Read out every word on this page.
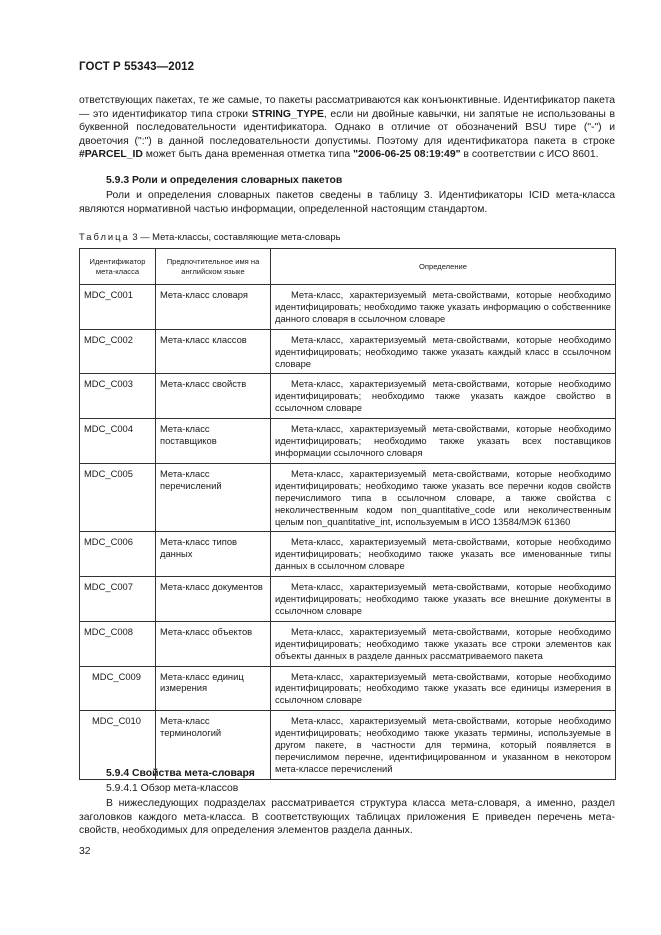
ГОСТ Р 55343—2012
ответствующих пакетах, те же самые, то пакеты рассматриваются как конъюнктивные. Идентификатор пакета — это идентификатор типа строки STRING_TYPE, если ни двойные кавычки, ни запятые не использованы в буквенной последовательности идентификатора. Однако в отличие от обозначений BSU тире ("-") и двоеточия (":") в данной последовательности допустимы. Поэтому для идентификатора пакета в строке #PARCEL_ID может быть дана временная отметка типа "2006-06-25 08:19:49" в соответствии с ИСО 8601.
5.9.3 Роли и определения словарных пакетов
Роли и определения словарных пакетов сведены в таблицу 3. Идентификаторы ICID мета-класса являются нормативной частью информации, определенной настоящим стандартом.
Таблица 3 — Мета-классы, составляющие мета-словарь
Идентификатор мета-класса	Предпочтительное имя на английском языке	Определение
MDC_C001	Мета-класс словаря	Мета-класс, характеризуемый мета-свойствами, которые необходимо идентифицировать; необходимо также указать информацию о собственнике данного словаря в ссылочном словаре

MDC_C002	Мета-класс классов	Мета-класс, характеризуемый мета-свойствами, которые необходимо идентифицировать; необходимо также указать каждый класс в ссылочном словаре

MDC_C003	Мета-класс свойств	Мета-класс, характеризуемый мета-свойствами, которые необходимо идентифицировать; необходимо также указать каждое свойство в ссылочном словаре

MDC_C004	Мета-класс поставщиков	Мета-класс, характеризуемый мета-свойствами, которые необходимо идентифицировать; необходимо также указать всех поставщиков информации ссылочного словаря

MDC_C005	Мета-класс перечислений	Мета-класс, характеризуемый мета-свойствами, которые необходимо идентифицировать; необходимо также указать все перечни кодов свойств перечислимого типа в ссылочном словаре, а также свойства с неколичественным кодом non_quantitative_code или неколичественным целым non_quantitative_int, используемым в ИСО 13584/МЭК 61360

MDC_C006	Мета-класс типов данных	Мета-класс, характеризуемый мета-свойствами, которые необходимо идентифицировать; необходимо также указать все именованные типы данных в ссылочном словаре

MDC_C007	Мета-класс документов	Мета-класс, характеризуемый мета-свойствами, которые необходимо идентифицировать; необходимо также указать все внешние документы в ссылочном словаре

MDC_C008	Мета-класс объектов	Мета-класс, характеризуемый мета-свойствами, которые необходимо идентифицировать; необходимо также указать все строки элементов как объекты данных в разделе данных рассматриваемого пакета

MDC_C009	Мета-класс единиц измерения	Мета-класс, характеризуемый мета-свойствами, которые необходимо идентифицировать; необходимо также указать все единицы измерения в ссылочном словаре

MDC_C010	Мета-класс терминологий	Мета-класс, характеризуемый мета-свойствами, которые необходимо идентифицировать; необходимо также указать термины, используемые в другом пакете, в частности для термина, который появляется в перечислимом перечне, идентифицированном и указанном в некотором мета-классе перечислений
5.9.4 Свойства мета-словаря
5.9.4.1 Обзор мета-классов
В нижеследующих подразделах рассматривается структура класса мета-словаря, а именно, раздел заголовков каждого мета-класса. В соответствующих таблицах приложения Е приведен перечень мета-свойств, необходимых для определения элементов раздела данных.
32
